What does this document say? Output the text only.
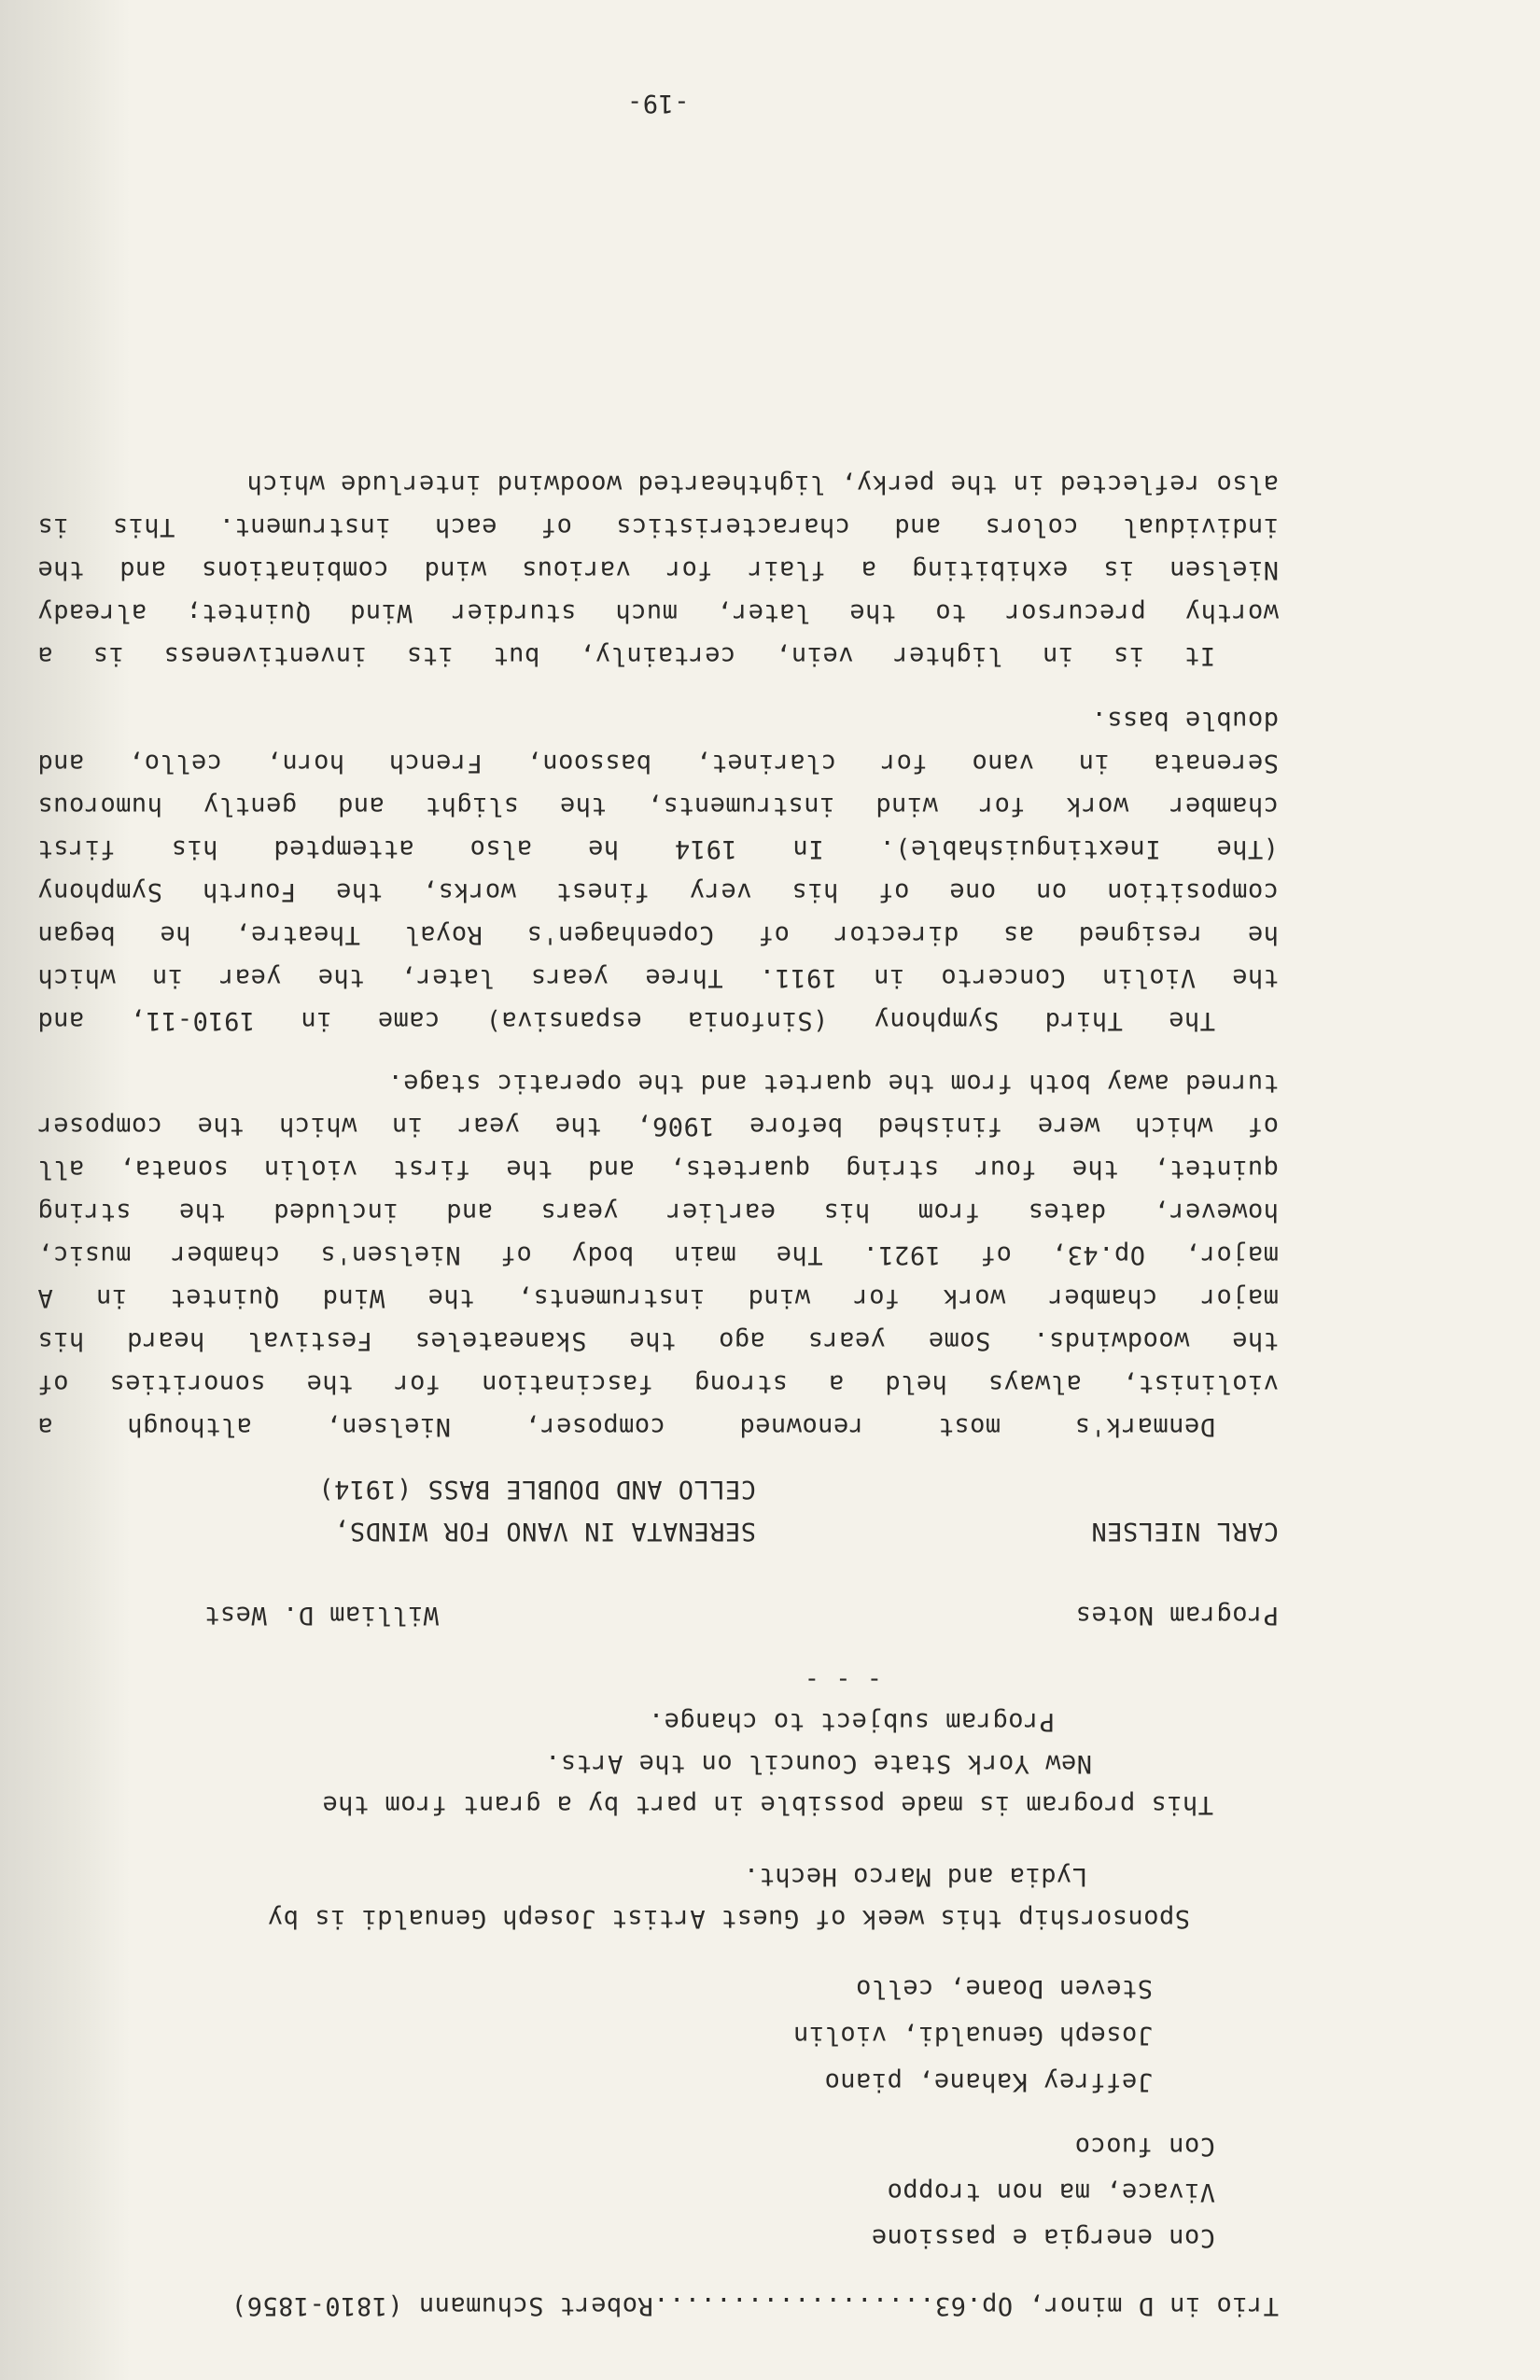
Trio in D minor, Op.63..................Robert Schumann (1810-1856)
Con energia e passione
Vivace, ma non troppo
Con fuoco
Jeffrey Kahane, piano
Joseph Genualdi, violin
Steven Doane, cello
Sponsorship this week of Guest Artist Joseph Genualdi is by
Lydia and Marco Hecht.
This program is made possible in part by a grant from the
New York State Council on the Arts.
Program subject to change.
- - -
Program Notes
William D. West
CARL NIELSEN
SERENATA IN VANO FOR WINDS,
CELLO AND DOUBLE BASS (1914)
Denmark's most renowned composer, Nielsen, although a
violinist, always held a strong fascination for the sonorities of
the woodwinds. Some years ago the Skaneateles Festival heard his
major chamber work for wind instruments, the Wind Quintet in A
major, Op.43, of 1921. The main body of Nielsen's chamber music,
however, dates from his earlier years and included the string
quintet, the four string quartets, and the first violin sonata, all
of which were finished before 1906, the year in which the composer
turned away both from the quartet and the operatic stage.
The Third Symphony (Sinfonia espansiva) came in 1910-11, and
the Violin Concerto in 1911. Three years later, the year in which
he resigned as director of Copenhagen's Royal Theatre, he began
composition on one of his very finest works, the Fourth Symphony
(The Inextinguishable). In 1914 he also attempted his first
chamber work for wind instruments, the slight and gently humorous
Serenata in vano for clarinet, bassoon, French horn, cello, and
double bass.
It is in lighter vein, certainly, but its inventiveness is a
worthy precursor to the later, much sturdier Wind Quintet; already
Nielsen is exhibiting a flair for various wind combinations and the
individual colors and characteristics of each instrument. This is
also reflected in the perky, lighthearted woodwind interlude which
-19-
